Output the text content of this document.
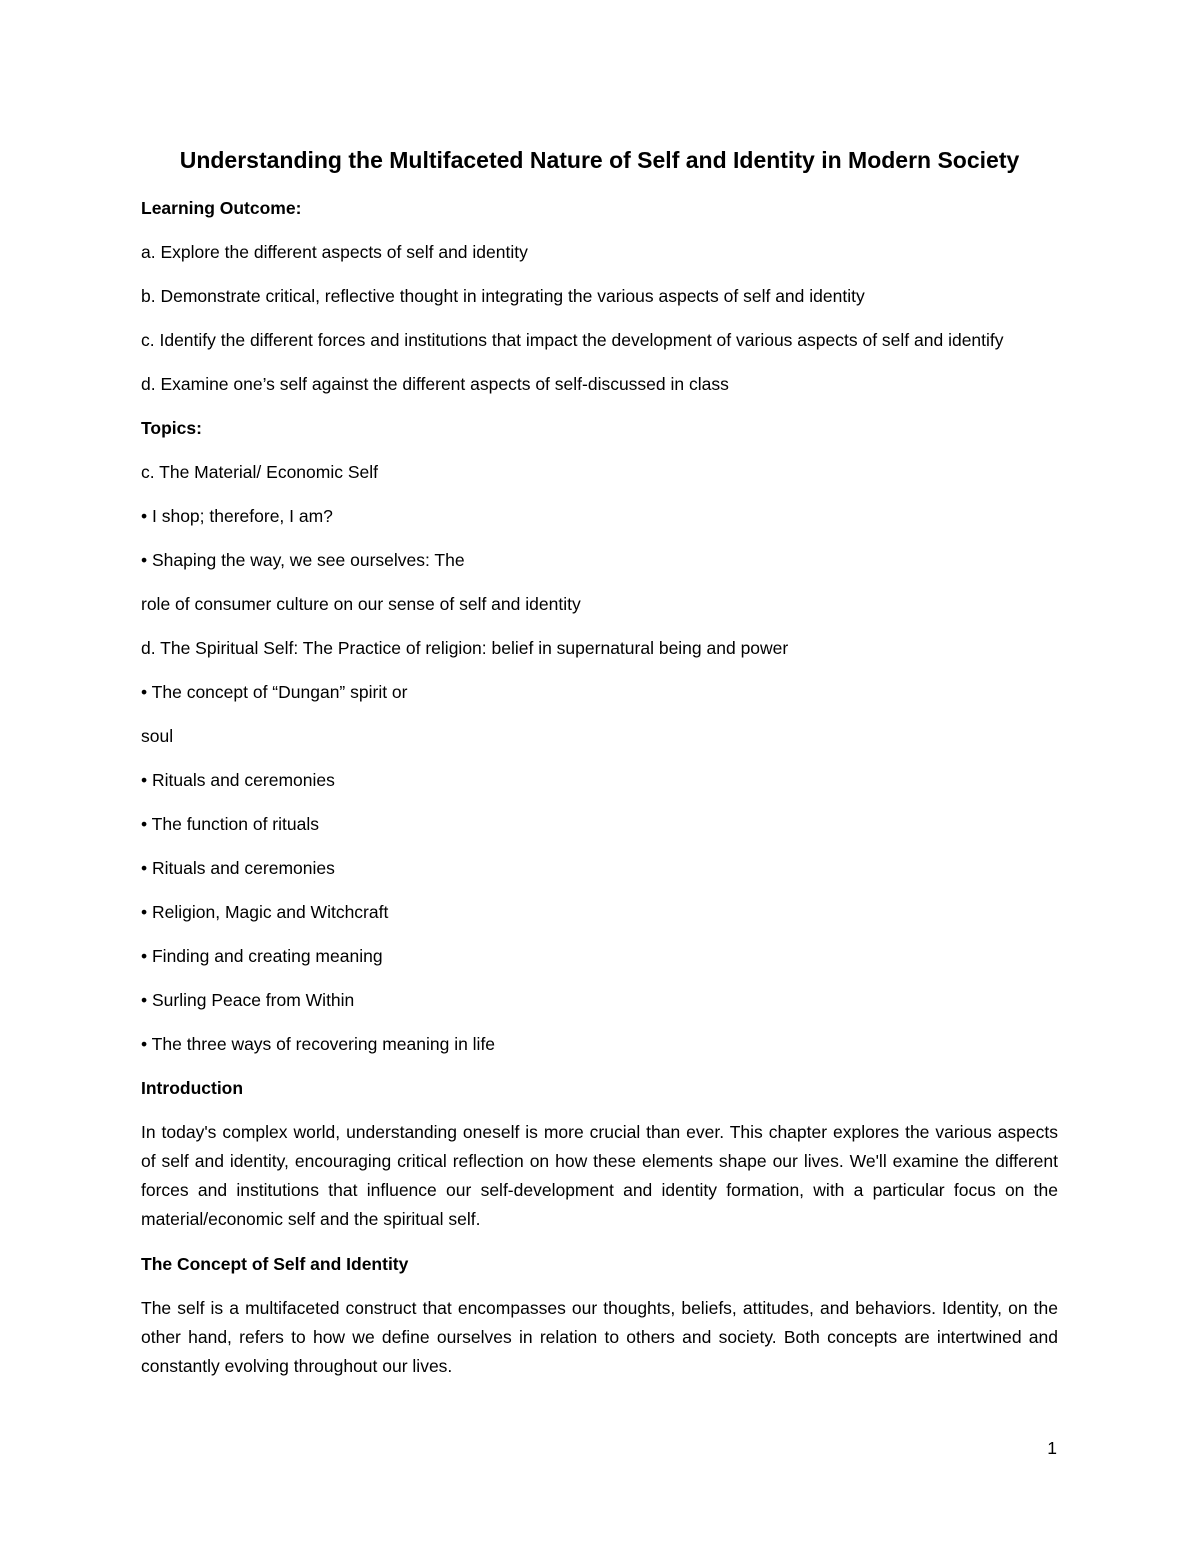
Understanding the Multifaceted Nature of Self and Identity in Modern Society
Learning Outcome:
a. Explore the different aspects of self and identity
b. Demonstrate critical, reflective thought in integrating the various aspects of self and identity
c. Identify the different forces and institutions that impact the development of various aspects of self and identify
d. Examine one’s self against the different aspects of self-discussed in class
Topics:
c. The Material/ Economic Self
• I shop; therefore, I am?
• Shaping the way, we see ourselves: The
role of consumer culture on our sense of self and identity
d. The Spiritual Self: The Practice of religion: belief in supernatural being and power
• The concept of “Dungan” spirit or
soul
• Rituals and ceremonies
• The function of rituals
• Rituals and ceremonies
• Religion, Magic and Witchcraft
• Finding and creating meaning
• Surling Peace from Within
• The three ways of recovering meaning in life
Introduction
In today's complex world, understanding oneself is more crucial than ever. This chapter explores the various aspects of self and identity, encouraging critical reflection on how these elements shape our lives. We'll examine the different forces and institutions that influence our self-development and identity formation, with a particular focus on the material/economic self and the spiritual self.
The Concept of Self and Identity
The self is a multifaceted construct that encompasses our thoughts, beliefs, attitudes, and behaviors. Identity, on the other hand, refers to how we define ourselves in relation to others and society. Both concepts are intertwined and constantly evolving throughout our lives.
1
